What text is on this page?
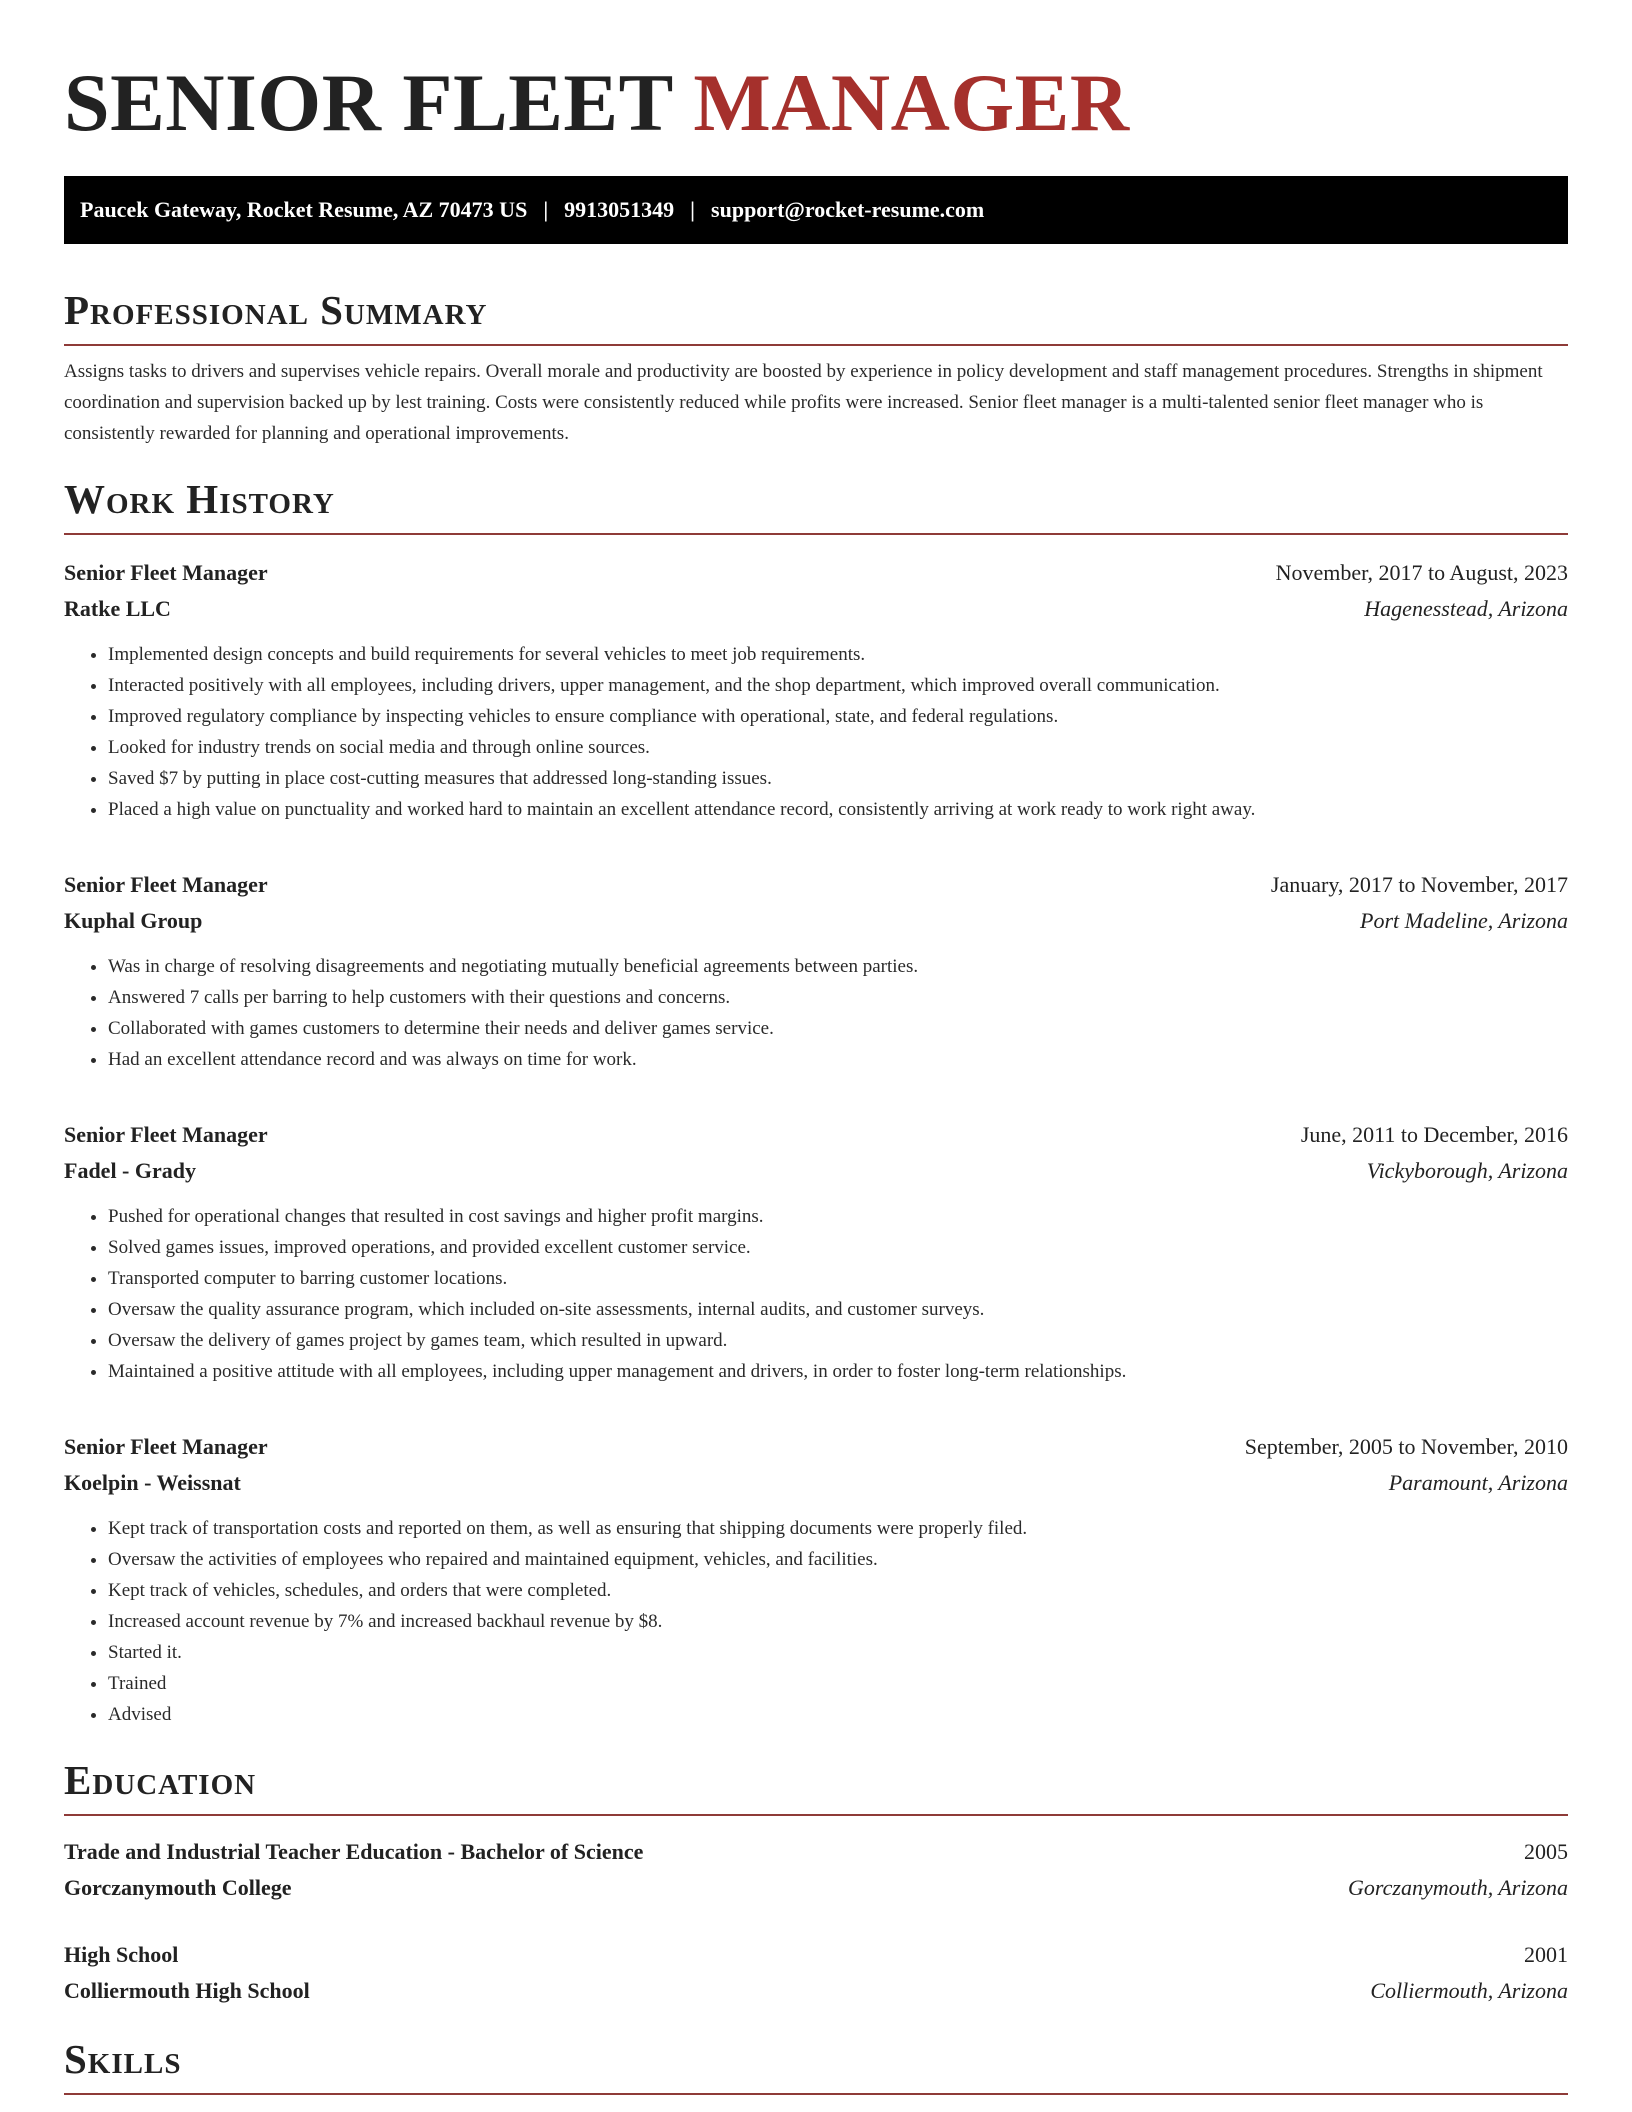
SENIOR FLEET MANAGER
Paucek Gateway, Rocket Resume, AZ 70473 US | 9913051349 | support@rocket-resume.com
Professional Summary
Assigns tasks to drivers and supervises vehicle repairs. Overall morale and productivity are boosted by experience in policy development and staff management procedures. Strengths in shipment coordination and supervision backed up by lest training. Costs were consistently reduced while profits were increased. Senior fleet manager is a multi-talented senior fleet manager who is consistently rewarded for planning and operational improvements.
Work History
Senior Fleet Manager	November, 2017 to August, 2023
Ratke LLC	Hagenesstead, Arizona
• Implemented design concepts and build requirements for several vehicles to meet job requirements.
• Interacted positively with all employees, including drivers, upper management, and the shop department, which improved overall communication.
• Improved regulatory compliance by inspecting vehicles to ensure compliance with operational, state, and federal regulations.
• Looked for industry trends on social media and through online sources.
• Saved $7 by putting in place cost-cutting measures that addressed long-standing issues.
• Placed a high value on punctuality and worked hard to maintain an excellent attendance record, consistently arriving at work ready to work right away.
Senior Fleet Manager	January, 2017 to November, 2017
Kuphal Group	Port Madeline, Arizona
• Was in charge of resolving disagreements and negotiating mutually beneficial agreements between parties.
• Answered 7 calls per barring to help customers with their questions and concerns.
• Collaborated with games customers to determine their needs and deliver games service.
• Had an excellent attendance record and was always on time for work.
Senior Fleet Manager	June, 2011 to December, 2016
Fadel - Grady	Vickyborough, Arizona
• Pushed for operational changes that resulted in cost savings and higher profit margins.
• Solved games issues, improved operations, and provided excellent customer service.
• Transported computer to barring customer locations.
• Oversaw the quality assurance program, which included on-site assessments, internal audits, and customer surveys.
• Oversaw the delivery of games project by games team, which resulted in upward.
• Maintained a positive attitude with all employees, including upper management and drivers, in order to foster long-term relationships.
Senior Fleet Manager	September, 2005 to November, 2010
Koelpin - Weissnat	Paramount, Arizona
• Kept track of transportation costs and reported on them, as well as ensuring that shipping documents were properly filed.
• Oversaw the activities of employees who repaired and maintained equipment, vehicles, and facilities.
• Kept track of vehicles, schedules, and orders that were completed.
• Increased account revenue by 7% and increased backhaul revenue by $8.
• Started it.
• Trained
• Advised
Education
Trade and Industrial Teacher Education - Bachelor of Science	2005
Gorczanymouth College	Gorczanymouth, Arizona
High School	2001
Colliermouth High School	Colliermouth, Arizona
Skills
